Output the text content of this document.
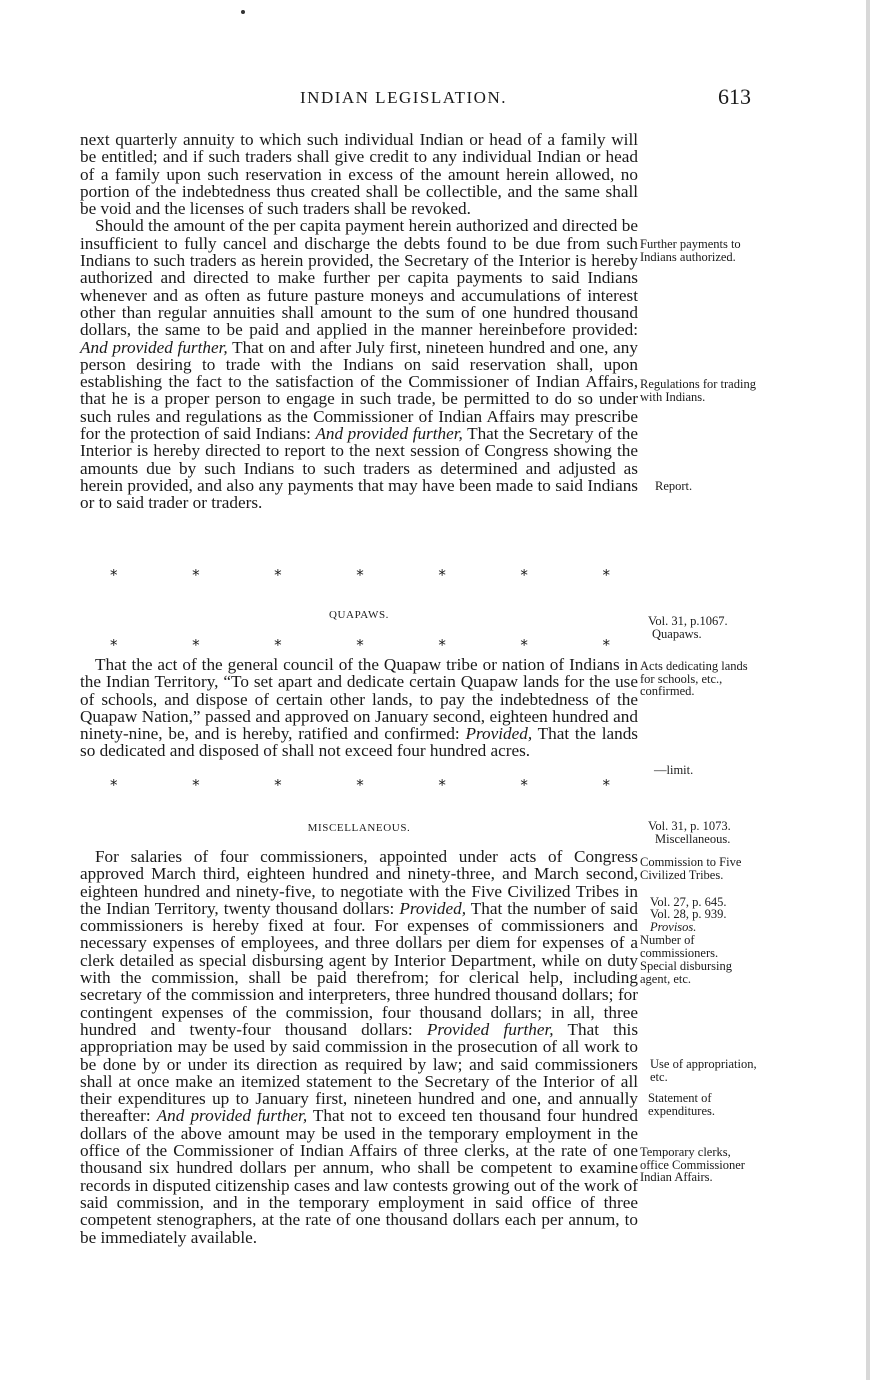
INDIAN LEGISLATION.	613

next quarterly annuity to which such individual Indian or head of a family will be entitled; and if such traders shall give credit to any individual Indian or head of a family upon such reservation in excess of the amount herein allowed, no portion of the indebtedness thus created shall be collectible, and the same shall be void and the licenses of such traders shall be revoked.

Should the amount of the per capita payment herein authorized and directed be insufficient to fully cancel and discharge the debts found to be due from such Indians to such traders as herein provided, the Secretary of the Interior is hereby authorized and directed to make further per capita payments to said Indians whenever and as often as future pasture moneys and accumulations of interest other than regular annuities shall amount to the sum of one hundred thousand dollars, the same to be paid and applied in the manner hereinbefore provided: And provided further, That on and after July first, nineteen hundred and one, any person desiring to trade with the Indians on said reservation shall, upon establishing the fact to the satisfaction of the Commissioner of Indian Affairs, that he is a proper person to engage in such trade, be permitted to do so under such rules and regulations as the Commissioner of Indian Affairs may prescribe for the protection of said Indians: And provided further, That the Secretary of the Interior is hereby directed to report to the next session of Congress showing the amounts due by such Indians to such traders as determined and adjusted as herein provided, and also any payments that may have been made to said Indians or to said trader or traders.

*	*	*	*	*	*	*
QUAPAWS.
*	*	*	*	*	*	*

That the act of the general council of the Quapaw tribe or nation of Indians in the Indian Territory, “To set apart and dedicate certain Quapaw lands for the use of schools, and dispose of certain other lands, to pay the indebtedness of the Quapaw Nation,” passed and approved on January second, eighteen hundred and ninety-nine, be, and is hereby, ratified and confirmed: Provided, That the lands so dedicated and disposed of shall not exceed four hundred acres.

*	*	*	*	*	*	*
MISCELLANEOUS.

For salaries of four commissioners, appointed under acts of Congress approved March third, eighteen hundred and ninety-three, and March second, eighteen hundred and ninety-five, to negotiate with the Five Civilized Tribes in the Indian Territory, twenty thousand dollars: Provided, That the number of said commissioners is hereby fixed at four. For expenses of commissioners and necessary expenses of employees, and three dollars per diem for expenses of a clerk detailed as special disbursing agent by Interior Department, while on duty with the commission, shall be paid therefrom; for clerical help, including secretary of the commission and interpreters, three hundred thousand dollars; for contingent expenses of the commission, four thousand dollars; in all, three hundred and twenty-four thousand dollars: Provided further, That this appropriation may be used by said commission in the prosecution of all work to be done by or under its direction as required by law; and said commissioners shall at once make an itemized statement to the Secretary of the Interior of all their expenditures up to January first, nineteen hundred and one, and annually thereafter: And provided further, That not to exceed ten thousand four hundred dollars of the above amount may be used in the temporary employment in the office of the Commissioner of Indian Affairs of three clerks, at the rate of one thousand six hundred dollars per annum, who shall be competent to examine records in disputed citizenship cases and law contests growing out of the work of said commission, and in the temporary employment in said office of three competent stenographers, at the rate of one thousand dollars each per annum, to be immediately available.

Further payments to Indians authorized.
Regulations for trading with Indians.
Report.
Vol. 31, p.1067.
Quapaws.
Acts dedicating lands for schools, etc., confirmed.
—limit.
Vol. 31, p. 1073.
Miscellaneous.
Commission to Five Civilized Tribes.
Vol. 27, p. 645.
Vol. 28, p. 939.
Provisos.
Number of commissioners.
Special disbursing agent, etc.
Use of appropriation, etc.
Statement of expenditures.
Temporary clerks, office Commissioner Indian Affairs.
